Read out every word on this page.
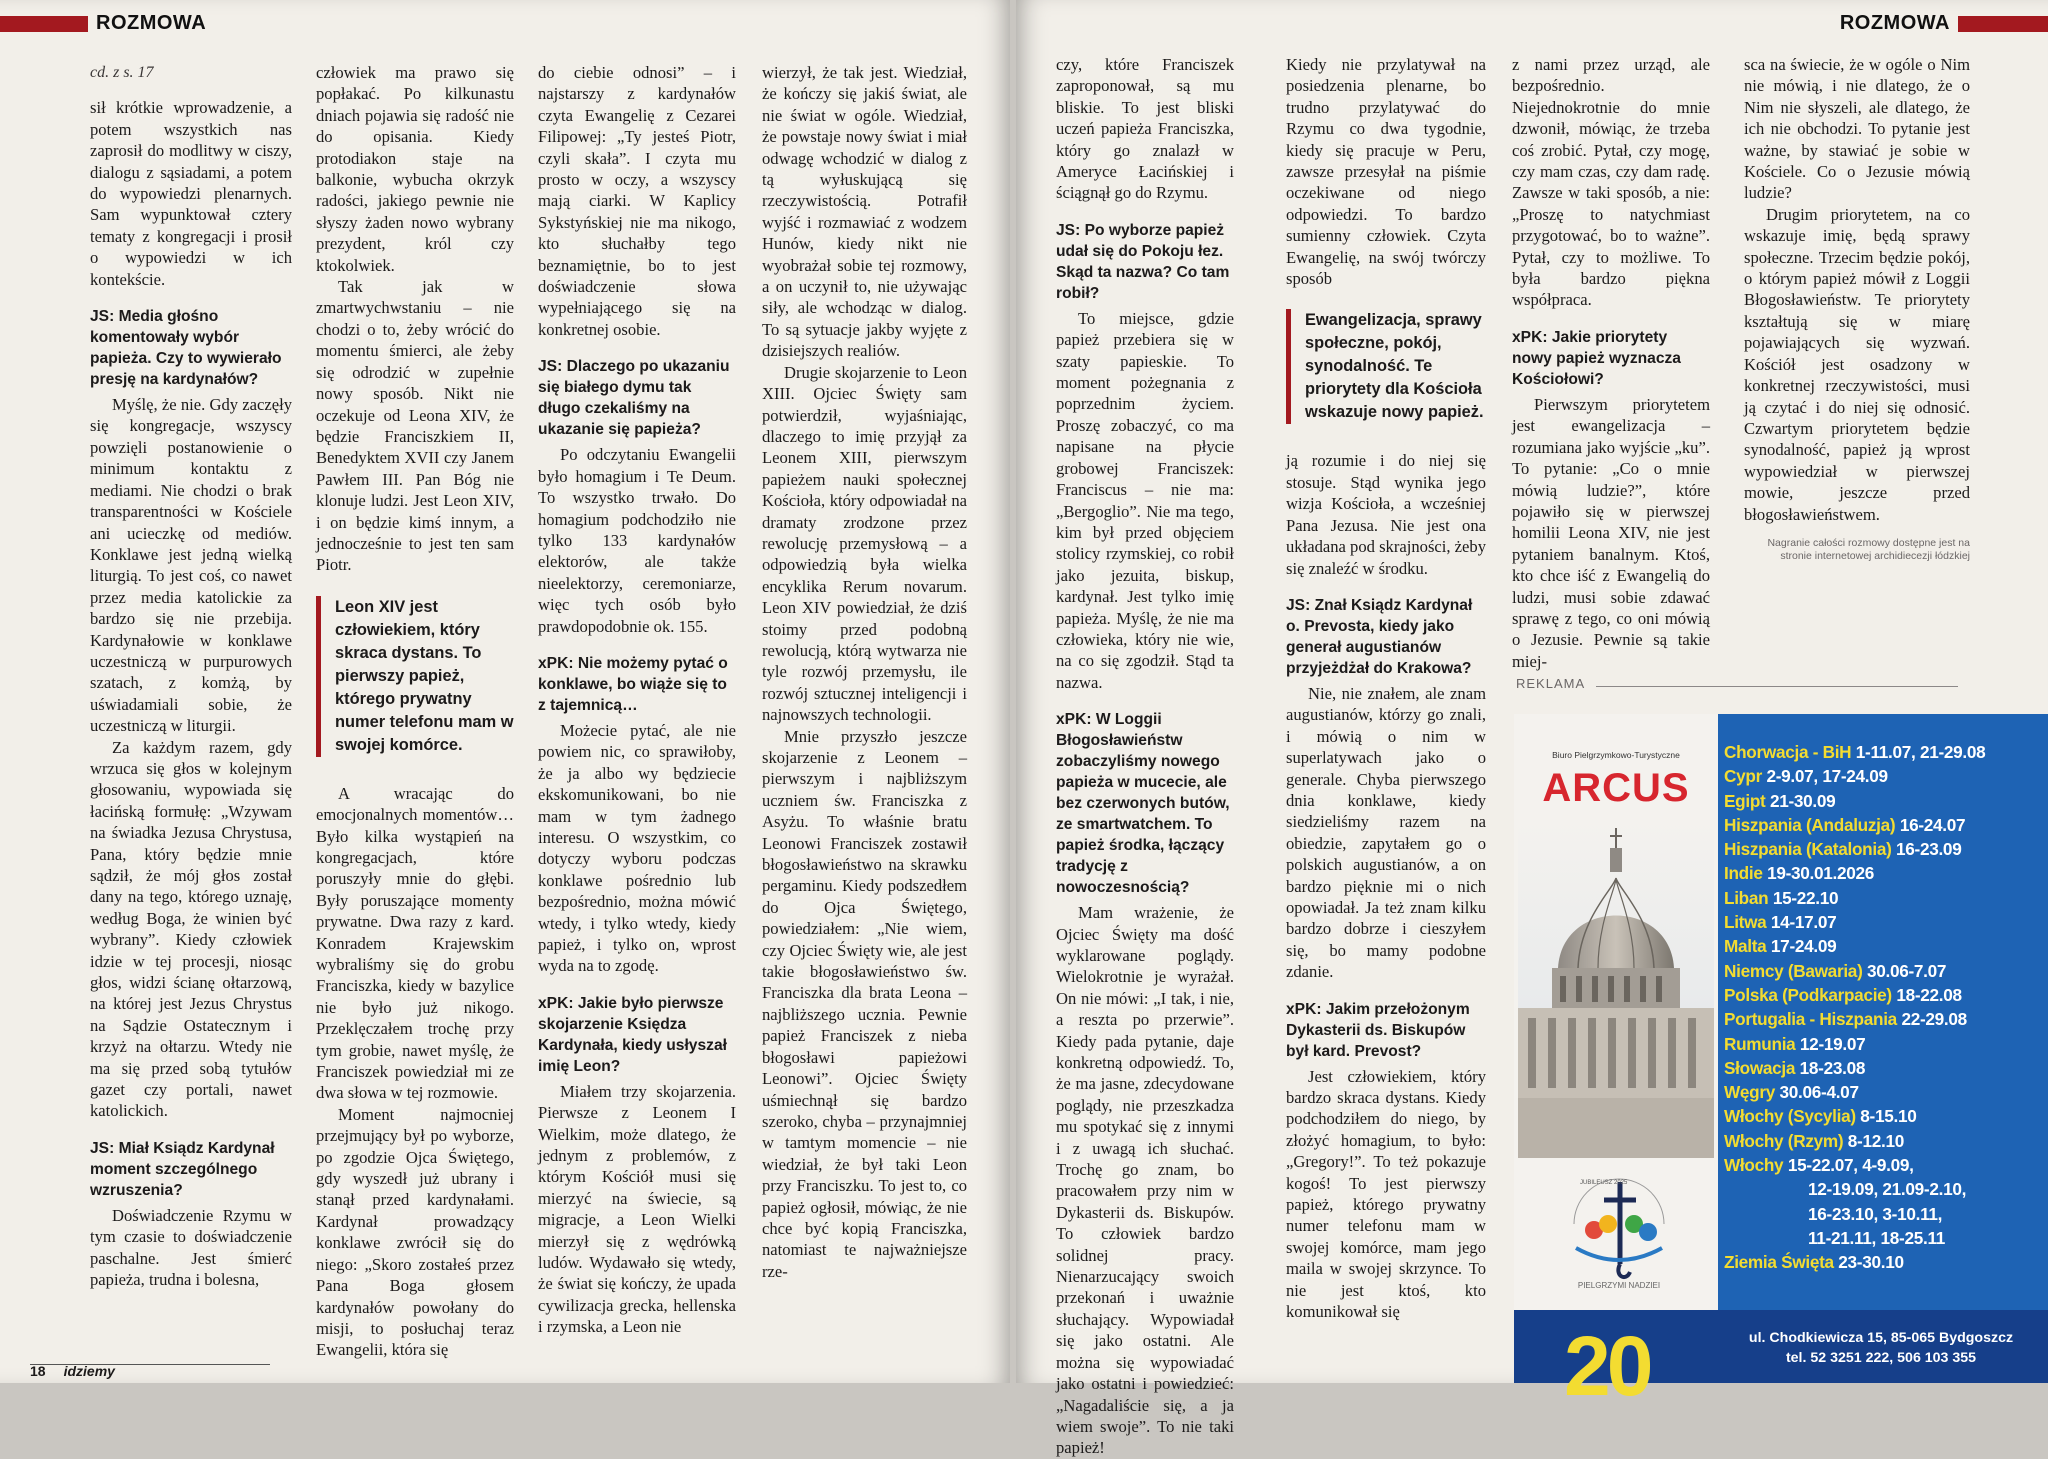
ROZMOWA

cd. z s. 17

sił krótkie wprowadzenie, a potem wszystkich nas zaprosił do modlitwy w ciszy, dialogu z sąsiadami, a potem do wypowiedzi plenarnych. Sam wypunktował cztery tematy z kongregacji i prosił o wypowiedzi w ich kontekście.

JS: Media głośno komentowały wybór papieża. Czy to wywierało presję na kardynałów?

Myślę, że nie. Gdy zaczęły się kongregacje, wszyscy powzięli postanowienie o minimum kontaktu z mediami. Nie chodzi o brak transparentności w Kościele ani ucieczkę od mediów. Konklawe jest jedną wielką liturgią. To jest coś, co nawet przez media katolickie za bardzo się nie przebija. Kardynałowie w konklawe uczestniczą w purpurowych szatach, z komżą, by uświadamiali sobie, że uczestniczą w liturgii.

Za każdym razem, gdy wrzuca się głos w kolejnym głosowaniu, wypowiada się łacińską formułę: „Wzywam na świadka Jezusa Chrystusa, Pana, który będzie mnie sądził, że mój głos został dany na tego, którego uznaję, według Boga, że winien być wybrany”. Kiedy człowiek idzie w tej procesji, niosąc głos, widzi ścianę ołtarzową, na której jest Jezus Chrystus na Sądzie Ostatecznym i krzyż na ołtarzu. Wtedy nie ma się przed sobą tytułów gazet czy portali, nawet katolickich.

JS: Miał Ksiądz Kardynał moment szczególnego wzruszenia?

Doświadczenie Rzymu w tym czasie to doświadczenie paschalne. Jest śmierć papieża, trudna i bolesna,

człowiek ma prawo się popłakać. Po kilkunastu dniach pojawia się radość nie do opisania. Kiedy protodiakon staje na balkonie, wybucha okrzyk radości, jakiego pewnie nie słyszy żaden nowo wybrany prezydent, król czy ktokolwiek.

Tak jak w zmartwychwstaniu – nie chodzi o to, żeby wrócić do momentu śmierci, ale żeby się odrodzić w zupełnie nowy sposób. Nikt nie oczekuje od Leona XIV, że będzie Franciszkiem II, Benedyktem XVII czy Janem Pawłem III. Pan Bóg nie klonuje ludzi. Jest Leon XIV, i on będzie kimś innym, a jednocześnie to jest ten sam Piotr.

Leon XIV jest człowiekiem, który skraca dystans. To pierwszy papież, którego prywatny numer telefonu mam w swojej komórce.

A wracając do emocjonalnych momentów… Było kilka wystąpień na kongregacjach, które poruszyły mnie do głębi. Były poruszające momenty prywatne. Dwa razy z kard. Konradem Krajewskim wybraliśmy się do grobu Franciszka, kiedy w bazylice nie było już nikogo. Przeklęczałem trochę przy tym grobie, nawet myślę, że Franciszek powiedział mi ze dwa słowa w tej rozmowie.

Moment najmocniej przejmujący był po wyborze, po zgodzie Ojca Świętego, gdy wyszedł już ubrany i stanął przed kardynałami. Kardynał prowadzący konklawe zwrócił się do niego: „Skoro zostałeś przez Pana Boga głosem kardynałów powołany do misji, to posłuchaj teraz Ewangelii, która się

do ciebie odnosi” – i najstarszy z kardynałów czyta Ewangelię z Cezarei Filipowej: „Ty jesteś Piotr, czyli skała”. I czyta mu prosto w oczy, a wszyscy mają ciarki. W Kaplicy Sykstyńskiej nie ma nikogo, kto słuchałby tego beznamiętnie, bo to jest doświadczenie słowa wypełniającego się na konkretnej osobie.

JS: Dlaczego po ukazaniu się białego dymu tak długo czekaliśmy na ukazanie się papieża?

Po odczytaniu Ewangelii było homagium i Te Deum. To wszystko trwało. Do homagium podchodziło nie tylko 133 kardynałów elektorów, ale także nieelektorzy, ceremoniarze, więc tych osób było prawdopodobnie ok. 155.

xPK: Nie możemy pytać o konklawe, bo wiąże się to z tajemnicą…

Możecie pytać, ale nie powiem nic, co sprawiłoby, że ja albo wy będziecie ekskomunikowani, bo nie mam w tym żadnego interesu. O wszystkim, co dotyczy wyboru podczas konklawe pośrednio lub bezpośrednio, można mówić wtedy, i tylko wtedy, kiedy papież, i tylko on, wprost wyda na to zgodę.

xPK: Jakie było pierwsze skojarzenie Księdza Kardynała, kiedy usłyszał imię Leon?

Miałem trzy skojarzenia. Pierwsze z Leonem I Wielkim, może dlatego, że jednym z problemów, z którym Kościół musi się mierzyć na świecie, są migracje, a Leon Wielki mierzył się z wędrówką ludów. Wydawało się wtedy, że świat się kończy, że upada cywilizacja grecka, hellenska i rzymska, a Leon nie

wierzył, że tak jest. Wiedział, że kończy się jakiś świat, ale nie świat w ogóle. Wiedział, że powstaje nowy świat i miał odwagę wchodzić w dialog z tą wyłuskującą się rzeczywistością. Potrafił wyjść i rozmawiać z wodzem Hunów, kiedy nikt nie wyobrażał sobie tej rozmowy, a on uczynił to, nie używając siły, ale wchodząc w dialog. To są sytuacje jakby wyjęte z dzisiejszych realiów.

Drugie skojarzenie to Leon XIII. Ojciec Święty sam potwierdził, wyjaśniając, dlaczego to imię przyjął za Leonem XIII, pierwszym papieżem nauki społecznej Kościoła, który odpowiadał na dramaty zrodzone przez rewolucję przemysłową – a odpowiedzią była wielka encyklika Rerum novarum. Leon XIV powiedział, że dziś stoimy przed podobną rewolucją, którą wytwarza nie tyle rozwój przemysłu, ile rozwój sztucznej inteligencji i najnowszych technologii.

Mnie przyszło jeszcze skojarzenie z Leonem – pierwszym i najbliższym uczniem św. Franciszka z Asyżu. To właśnie bratu Leonowi Franciszek zostawił błogosławieństwo na skrawku pergaminu. Kiedy podszedłem do Ojca Świętego, powiedziałem: „Nie wiem, czy Ojciec Święty wie, ale jest takie błogosławieństwo św. Franciszka dla brata Leona – najbliższego ucznia. Pewnie papież Franciszek z nieba błogosławi papieżowi Leonowi”. Ojciec Święty uśmiechnął się bardzo szeroko, chyba – przynajmniej w tamtym momencie – nie wiedział, że był taki Leon przy Franciszku. To jest to, co papież ogłosił, mówiąc, że nie chce być kopią Franciszka, natomiast te najważniejsze rze-

18 idziemy
ROZMOWA

czy, które Franciszek zaproponował, są mu bliskie. To jest bliski uczeń papieża Franciszka, który go znalazł w Ameryce Łacińskiej i ściągnął go do Rzymu.

JS: Po wyborze papież udał się do Pokoju łez. Skąd ta nazwa? Co tam robił?

To miejsce, gdzie papież przebiera się w szaty papieskie. To moment pożegnania z poprzednim życiem. Proszę zobaczyć, co ma napisane na płycie grobowej Franciszek: Franciscus – nie ma: „Bergoglio”. Nie ma tego, kim był przed objęciem stolicy rzymskiej, co robił jako jezuita, biskup, kardynał. Jest tylko imię papieża. Myślę, że nie ma człowieka, który nie wie, na co się zgodził. Stąd ta nazwa.

xPK: W Loggii Błogosławieństw zobaczyliśmy nowego papieża w mucecie, ale bez czerwonych butów, ze smartwatchem. To papież środka, łączący tradycję z nowoczesnością?

Mam wrażenie, że Ojciec Święty ma dość wyklarowane poglądy. Wielokrotnie je wyrażał. On nie mówi: „I tak, i nie, a reszta po przerwie”. Kiedy pada pytanie, daje konkretną odpowiedź. To, że ma jasne, zdecydowane poglądy, nie przeszkadza mu spotykać się z innymi i z uwagą ich słuchać. Trochę go znam, bo pracowałem przy nim w Dykasterii ds. Biskupów. To człowiek bardzo solidnej pracy. Nienarzucający swoich przekonań i uważnie słuchający. Wypowiadał się jako ostatni. Ale można się wypowiadać jako ostatni i powiedzieć: „Nagadaliście się, a ja wiem swoje”. To nie taki papież!

Kiedy nie przylatywał na posiedzenia plenarne, bo trudno przylatywać do Rzymu co dwa tygodnie, kiedy się pracuje w Peru, zawsze przesyłał na piśmie oczekiwane od niego odpowiedzi. To bardzo sumienny człowiek. Czyta Ewangelię, na swój twórczy sposób

Ewangelizacja, sprawy społeczne, pokój, synodalność. Te priorytety dla Kościoła wskazuje nowy papież.

ją rozumie i do niej się stosuje. Stąd wynika jego wizja Kościoła, a wcześniej Pana Jezusa. Nie jest ona układana pod skrajności, żeby się znaleźć w środku.

JS: Znał Ksiądz Kardynał o. Prevosta, kiedy jako generał augustianów przyjeżdżał do Krakowa?

Nie, nie znałem, ale znam augustianów, którzy go znali, i mówią o nim w superlatywach jako o generale. Chyba pierwszego dnia konklawe, kiedy siedzieliśmy razem na obiedzie, zapytałem go o polskich augustianów, a on bardzo pięknie mi o nich opowiadał. Ja też znam kilku bardzo dobrze i cieszyłem się, bo mamy podobne zdanie.

xPK: Jakim przełożonym Dykasterii ds. Biskupów był kard. Prevost?

Jest człowiekiem, który bardzo skraca dystans. Kiedy podchodziłem do niego, by złożyć homagium, to było: „Gregory!”. To też pokazuje kogoś! To jest pierwszy papież, którego prywatny numer telefonu mam w swojej komórce, mam jego maila w swojej skrzynce. To nie jest ktoś, kto komunikował się

z nami przez urząd, ale bezpośrednio. Niejednokrotnie do mnie dzwonił, mówiąc, że trzeba coś zrobić. Pytał, czy mogę, czy mam czas, czy dam radę. Zawsze w taki sposób, a nie: „Proszę to natychmiast przygotować, bo to ważne”. Pytał, czy to możliwe. To była bardzo piękna współpraca.

xPK: Jakie priorytety nowy papież wyznacza Kościołowi?

Pierwszym priorytetem jest ewangelizacja – rozumiana jako wyjście „ku”. To pytanie: „Co o mnie mówią ludzie?”, które pojawiło się w pierwszej homilii Leona XIV, nie jest pytaniem banalnym. Ktoś, kto chce iść z Ewangelią do ludzi, musi sobie zdawać sprawę z tego, co oni mówią o Jezusie. Pewnie są takie miej-

sca na świecie, że w ogóle o Nim nie mówią, i nie dlatego, że o Nim nie słyszeli, ale dlatego, że ich nie obchodzi. To pytanie jest ważne, by stawiać je sobie w Kościele. Co o Jezusie mówią ludzie?

Drugim priorytetem, na co wskazuje imię, będą sprawy społeczne. Trzecim będzie pokój, o którym papież mówił z Loggii Błogosławieństw. Te priorytety kształtują się w miarę pojawiających się wyzwań. Kościół jest osadzony w konkretnej rzeczywistości, musi ją czytać i do niej się odnosić. Czwartym priorytetem będzie synodalność, papież ją wprost wypowiedział w pierwszej mowie, jeszcze przed błogosławieństwem.

Nagranie całości rozmowy dostępne jest na stronie internetowej archidiecezji łódzkiej

REKLAMA
Biuro Pielgrzymkowo-Turystyczne
ARCUS
JUBILEUSZ 2025
PIELGRZYMI NADZIEI
Chorwacja - BiH 1-11.07, 21-29.08
Cypr 2-9.07, 17-24.09
Egipt 21-30.09
Hiszpania (Andaluzja) 16-24.07
Hiszpania (Katalonia) 16-23.09
Indie 19-30.01.2026
Liban 15-22.10
Litwa 14-17.07
Malta 17-24.09
Niemcy (Bawaria) 30.06-7.07
Polska (Podkarpacie) 18-22.08
Portugalia - Hiszpania 22-29.08
Rumunia 12-19.07
Słowacja 18-23.08
Węgry 30.06-4.07
Włochy (Sycylia) 8-15.10
Włochy (Rzym) 8-12.10
Włochy 15-22.07, 4-9.09,
12-19.09, 21.09-2.10,
16-23.10, 3-10.11,
11-21.11, 18-25.11
Ziemia Święta 23-30.10
20	ul. Chodkiewicza 15, 85-065 Bydgoszcz
tel. 52 3251 222, 506 103 355
